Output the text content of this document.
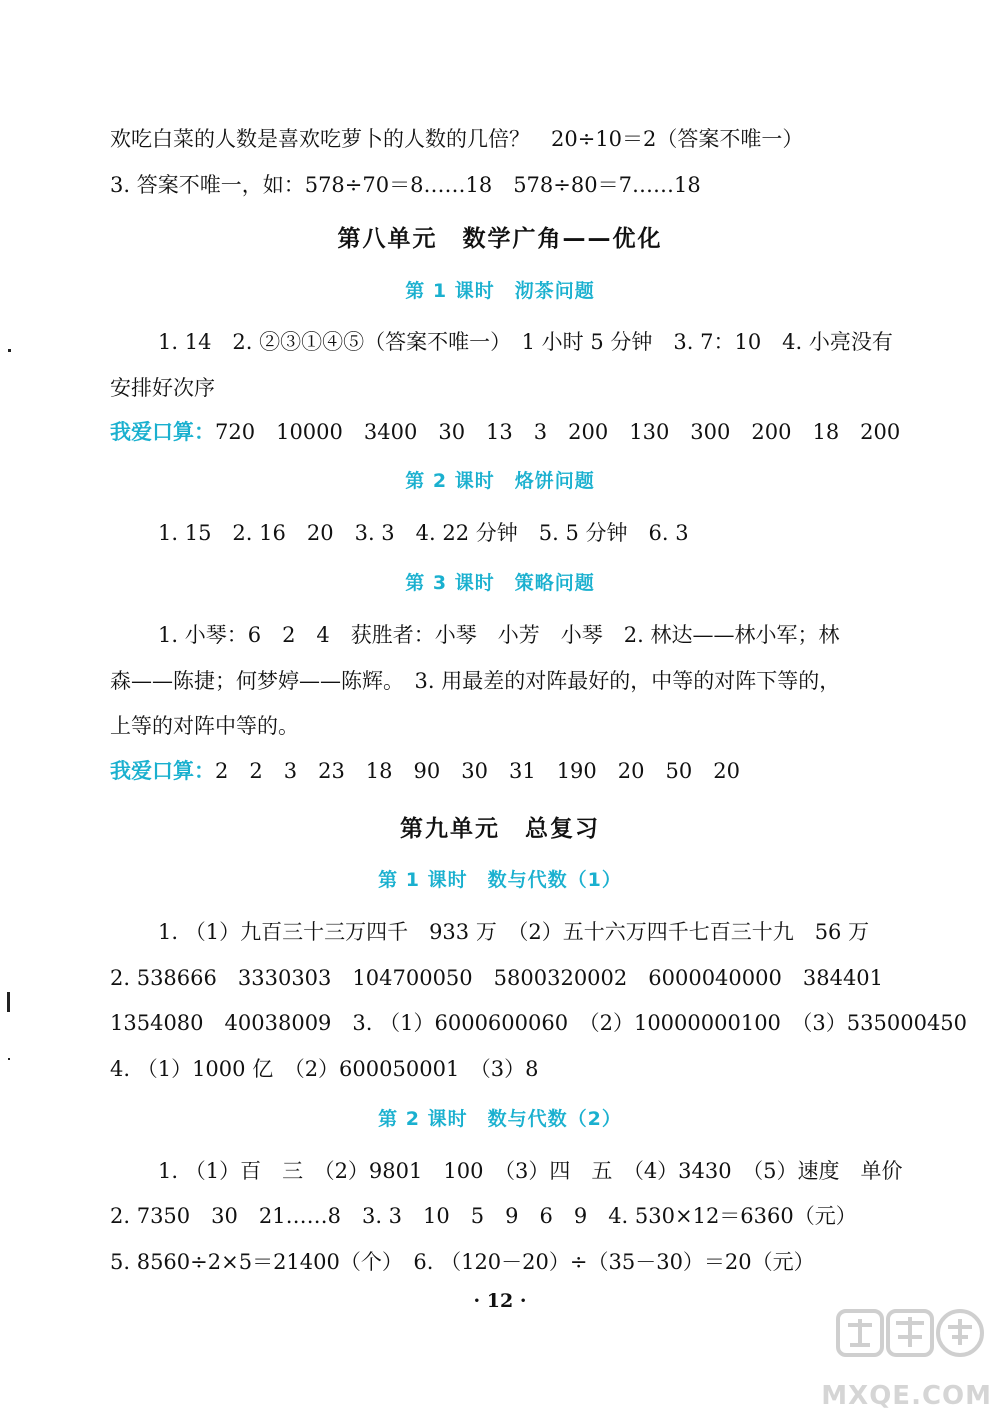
欢吃白菜的人数是喜欢吃萝卜的人数的几倍？　20÷10＝2（答案不唯一）
3. 答案不唯一，如：578÷70＝8……18　578÷80＝7……18
第八单元　数学广角——优化
第 1 课时　沏茶问题
1. 14　2. ②③①④⑤（答案不唯一）　1 小时 5 分钟　3. 7：10　4. 小亮没有
安排好次序
我爱口算：720　10000　3400　30　13　3　200　130　300　200　18　200
第 2 课时　烙饼问题
1. 15　2. 16　20　3. 3　4. 22 分钟　5. 5 分钟　6. 3
第 3 课时　策略问题
1. 小琴：6　2　4　获胜者：小琴　小芳　小琴　2. 林达——林小军；林
森——陈捷；何梦婷——陈辉。　3. 用最差的对阵最好的，中等的对阵下等的，
上等的对阵中等的。
我爱口算：2　2　3　23　18　90　30　31　190　20　50　20
第九单元　总复习
第 1 课时　数与代数（1）
1. （1）九百三十三万四千　933 万　（2）五十六万四千七百三十九　56 万
2. 538666　3330303　104700050　5800320002　6000040000　384401
1354080　40038009　3. （1）6000600060　（2）10000000100　（3）535000450
4. （1）1000 亿　（2）600050001　（3）8
第 2 课时　数与代数（2）
1. （1）百　三　（2）9801　100　（3）四　五　（4）3430　（5）速度　单价
2. 7350　30　21……8　3. 3　10　5　9　6　9　4. 530×12＝6360（元）
5. 8560÷2×5＝21400（个）　6. （120－20）÷（35－30）＝20（元）
· 12 ·
MXQE.COM
